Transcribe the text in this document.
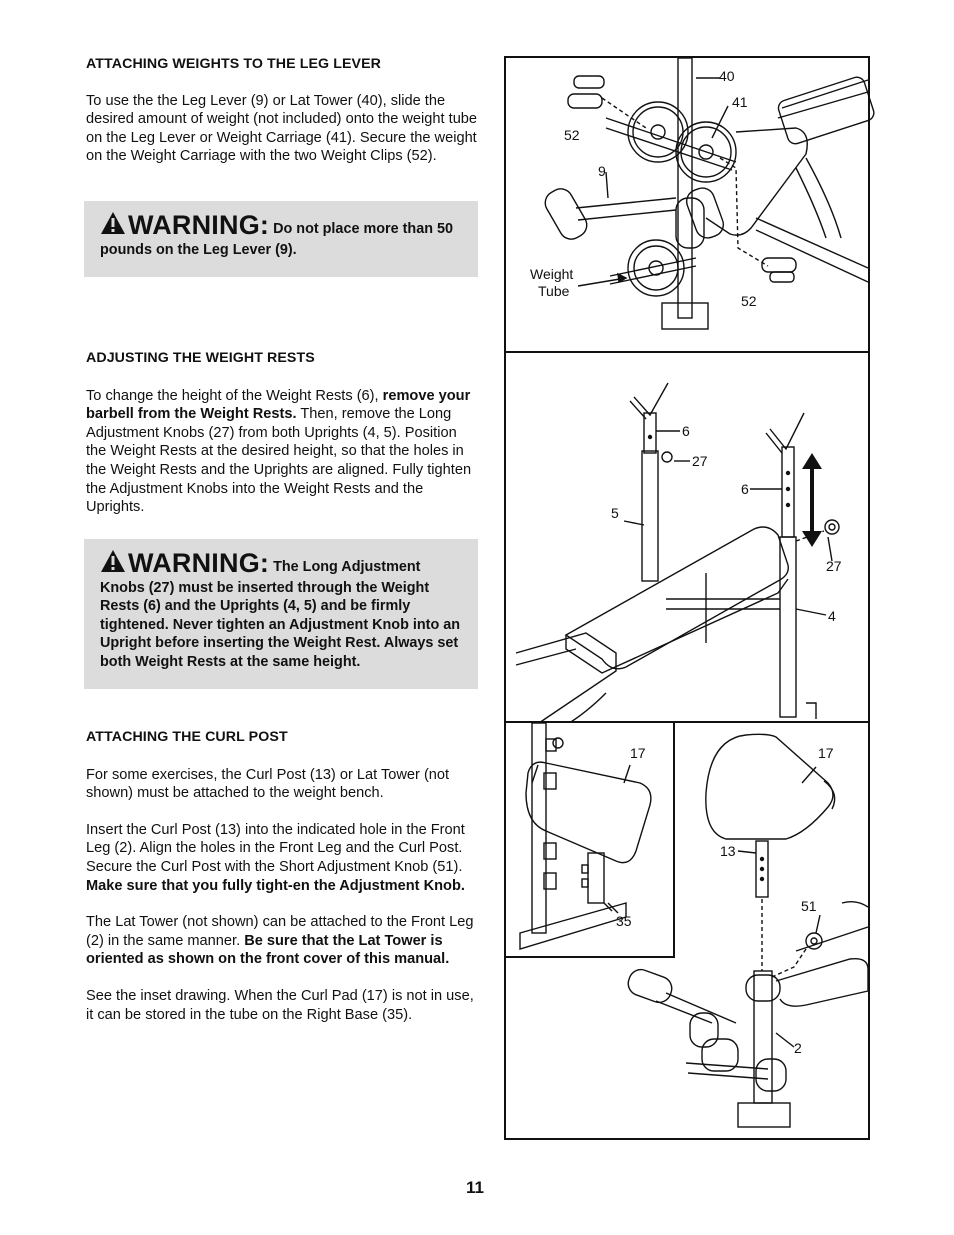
ATTACHING WEIGHTS TO THE LEG LEVER

To use the the Leg Lever (9) or Lat Tower (40), slide the desired amount of weight (not included) onto the weight tube on the Leg Lever or Weight Carriage (41). Secure the weight on the Weight Carriage with the two Weight Clips (52).

WARNING: Do not place more than 50 pounds on the Leg Lever (9).

ADJUSTING THE WEIGHT RESTS

To change the height of the Weight Rests (6), remove your barbell from the Weight Rests. Then, remove the Long Adjustment Knobs (27) from both Uprights (4, 5). Position the Weight Rests at the desired height, so that the holes in the Weight Rests and the Uprights are aligned. Fully tighten the Adjustment Knobs into the Weight Rests and the Uprights.

WARNING: The Long Adjustment Knobs (27) must be inserted through the Weight Rests (6) and the Uprights (4, 5) and be firmly tightened. Never tighten an Adjustment Knob into an Upright before inserting the Weight Rest. Always set both Weight Rests at the same height.

ATTACHING THE CURL POST

For some exercises, the Curl Post (13) or Lat Tower (not shown) must be attached to the weight bench.

Insert the Curl Post (13) into the indicated hole in the Front Leg (2). Align the holes in the Front Leg and the Curl Post. Secure the Curl Post with the Short Adjustment Knob (51). Make sure that you fully tight-en the Adjustment Knob.

The Lat Tower (not shown) can be attached to the Front Leg (2) in the same manner. Be sure that the Lat Tower is oriented as shown on the front cover of this manual.

See the inset drawing. When the Curl Pad (17) is not in use, it can be stored in the tube on the Right Base (35).

40
41
52
9
Weight
Tube
52
6
27
6
5
27
4
17
13
51
2
17
35
11
